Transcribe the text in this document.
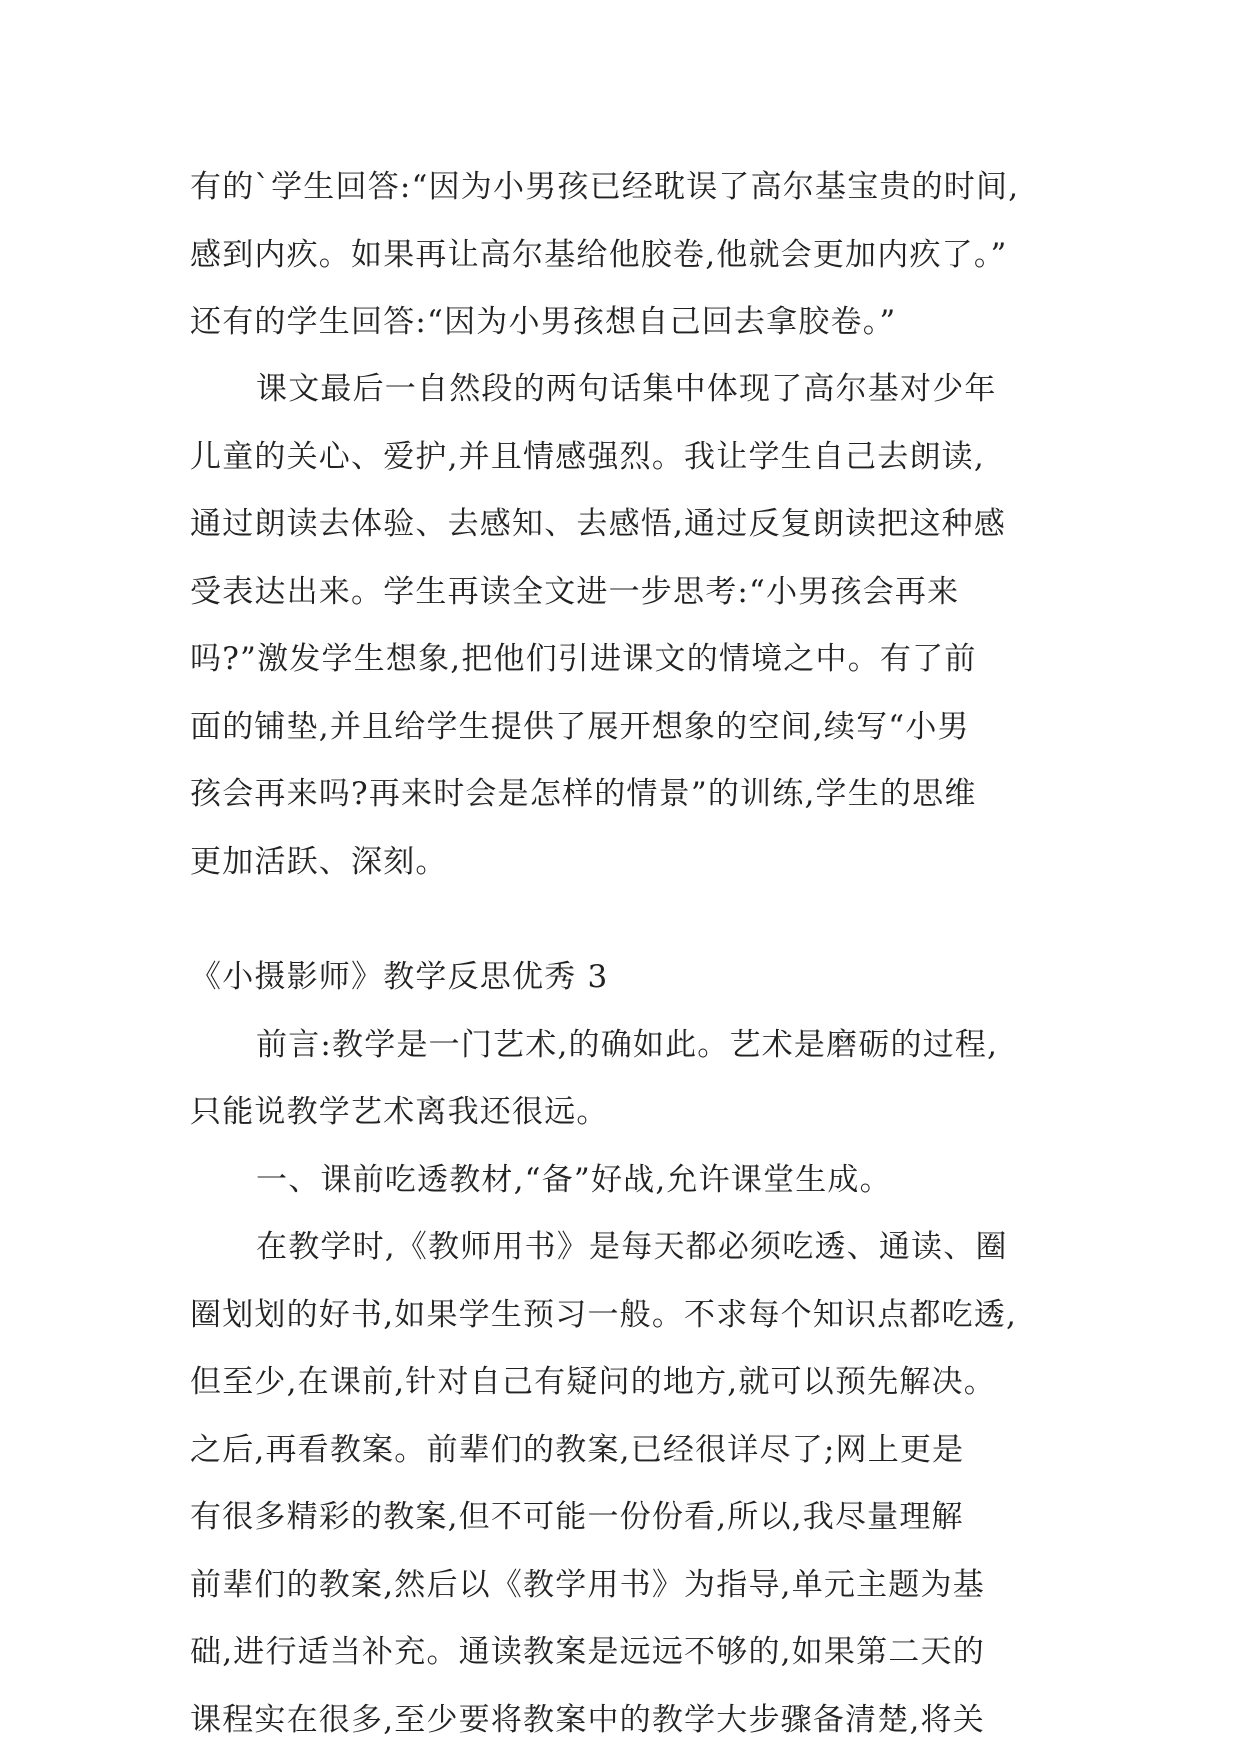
有的`学生回答:“因为小男孩已经耽误了高尔基宝贵的时间,
感到内疚。如果再让高尔基给他胶卷,他就会更加内疚了。”
还有的学生回答:“因为小男孩想自己回去拿胶卷。”
课文最后一自然段的两句话集中体现了高尔基对少年
儿童的关心、爱护,并且情感强烈。我让学生自己去朗读,
通过朗读去体验、去感知、去感悟,通过反复朗读把这种感
受表达出来。学生再读全文进一步思考:“小男孩会再来
吗?”激发学生想象,把他们引进课文的情境之中。有了前
面的铺垫,并且给学生提供了展开想象的空间,续写“小男
孩会再来吗?再来时会是怎样的情景”的训练,学生的思维
更加活跃、深刻。
《小摄影师》教学反思优秀 3
前言:教学是一门艺术,的确如此。艺术是磨砺的过程,
只能说教学艺术离我还很远。
一、课前吃透教材,“备”好战,允许课堂生成。
在教学时,《教师用书》是每天都必须吃透、通读、圈
圈划划的好书,如果学生预习一般。不求每个知识点都吃透,
但至少,在课前,针对自己有疑问的地方,就可以预先解决。
之后,再看教案。前辈们的教案,已经很详尽了;网上更是
有很多精彩的教案,但不可能一份份看,所以,我尽量理解
前辈们的教案,然后以《教学用书》为指导,单元主题为基
础,进行适当补充。通读教案是远远不够的,如果第二天的
课程实在很多,至少要将教案中的教学大步骤备清楚,将关
